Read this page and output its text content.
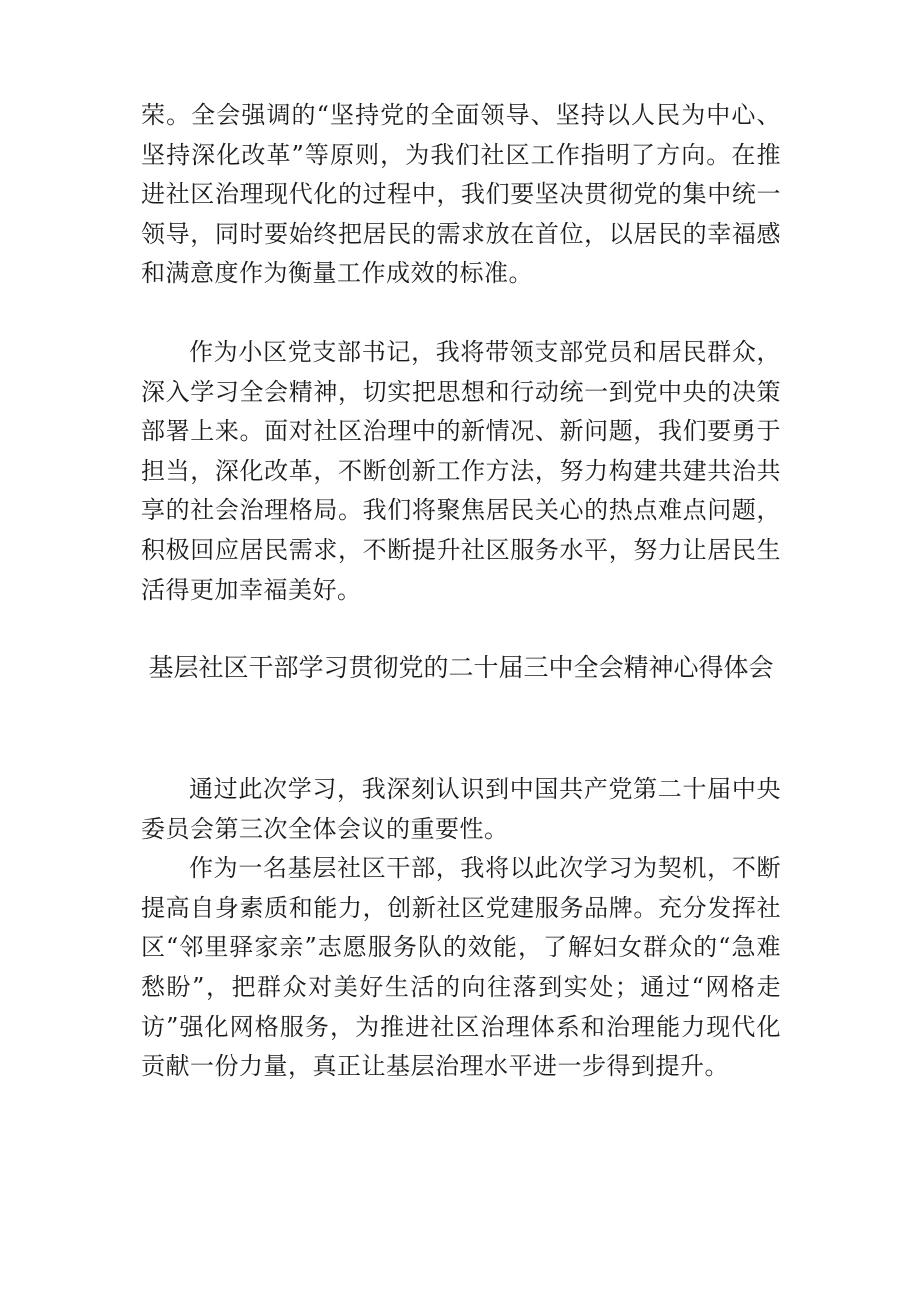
荣。全会强调的“坚持党的全面领导、坚持以人民为中心、坚持深化改革”等原则，为我们社区工作指明了方向。在推进社区治理现代化的过程中，我们要坚决贯彻党的集中统一领导，同时要始终把居民的需求放在首位，以居民的幸福感和满意度作为衡量工作成效的标准。

作为小区党支部书记，我将带领支部党员和居民群众，深入学习全会精神，切实把思想和行动统一到党中央的决策部署上来。面对社区治理中的新情况、新问题，我们要勇于担当，深化改革，不断创新工作方法，努力构建共建共治共享的社会治理格局。我们将聚焦居民关心的热点难点问题，积极回应居民需求，不断提升社区服务水平，努力让居民生活得更加幸福美好。

基层社区干部学习贯彻党的二十届三中全会精神心得体会

通过此次学习，我深刻认识到中国共产党第二十届中央委员会第三次全体会议的重要性。

作为一名基层社区干部，我将以此次学习为契机，不断提高自身素质和能力，创新社区党建服务品牌。充分发挥社区“邻里驿家亲”志愿服务队的效能，了解妇女群众的“急难愁盼”，把群众对美好生活的向往落到实处；通过“网格走访”强化网格服务，为推进社区治理体系和治理能力现代化贡献一份力量，真正让基层治理水平进一步得到提升。
